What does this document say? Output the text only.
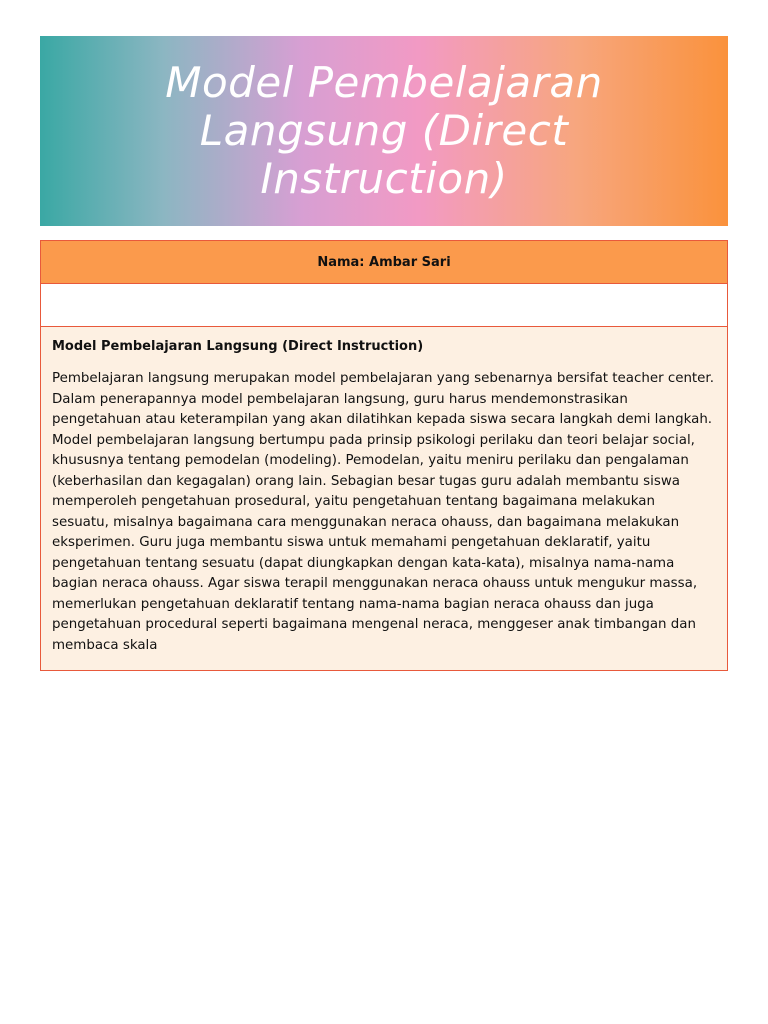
Model Pembelajaran Langsung (Direct Instruction)
Nama: Ambar Sari

Model Pembelajaran Langsung (Direct Instruction)

Pembelajaran langsung merupakan model pembelajaran yang sebenarnya bersifat teacher center. Dalam penerapannya model pembelajaran langsung, guru harus mendemonstrasikan pengetahuan atau keterampilan yang akan dilatihkan kepada siswa secara langkah demi langkah. Model pembelajaran langsung bertumpu pada prinsip psikologi perilaku dan teori belajar social, khususnya tentang pemodelan (modeling). Pemodelan, yaitu meniru perilaku dan pengalaman (keberhasilan dan kegagalan) orang lain. Sebagian besar tugas guru adalah membantu siswa memperoleh pengetahuan prosedural, yaitu pengetahuan tentang bagaimana melakukan sesuatu, misalnya bagaimana cara menggunakan neraca ohauss, dan bagaimana melakukan eksperimen. Guru juga membantu siswa untuk memahami pengetahuan deklaratif, yaitu pengetahuan tentang sesuatu (dapat diungkapkan dengan kata-kata), misalnya nama-nama bagian neraca ohauss. Agar siswa terapil menggunakan neraca ohauss untuk mengukur massa, memerlukan pengetahuan deklaratif tentang nama-nama bagian neraca ohauss dan juga pengetahuan procedural seperti bagaimana mengenal neraca, menggeser anak timbangan dan membaca skala
